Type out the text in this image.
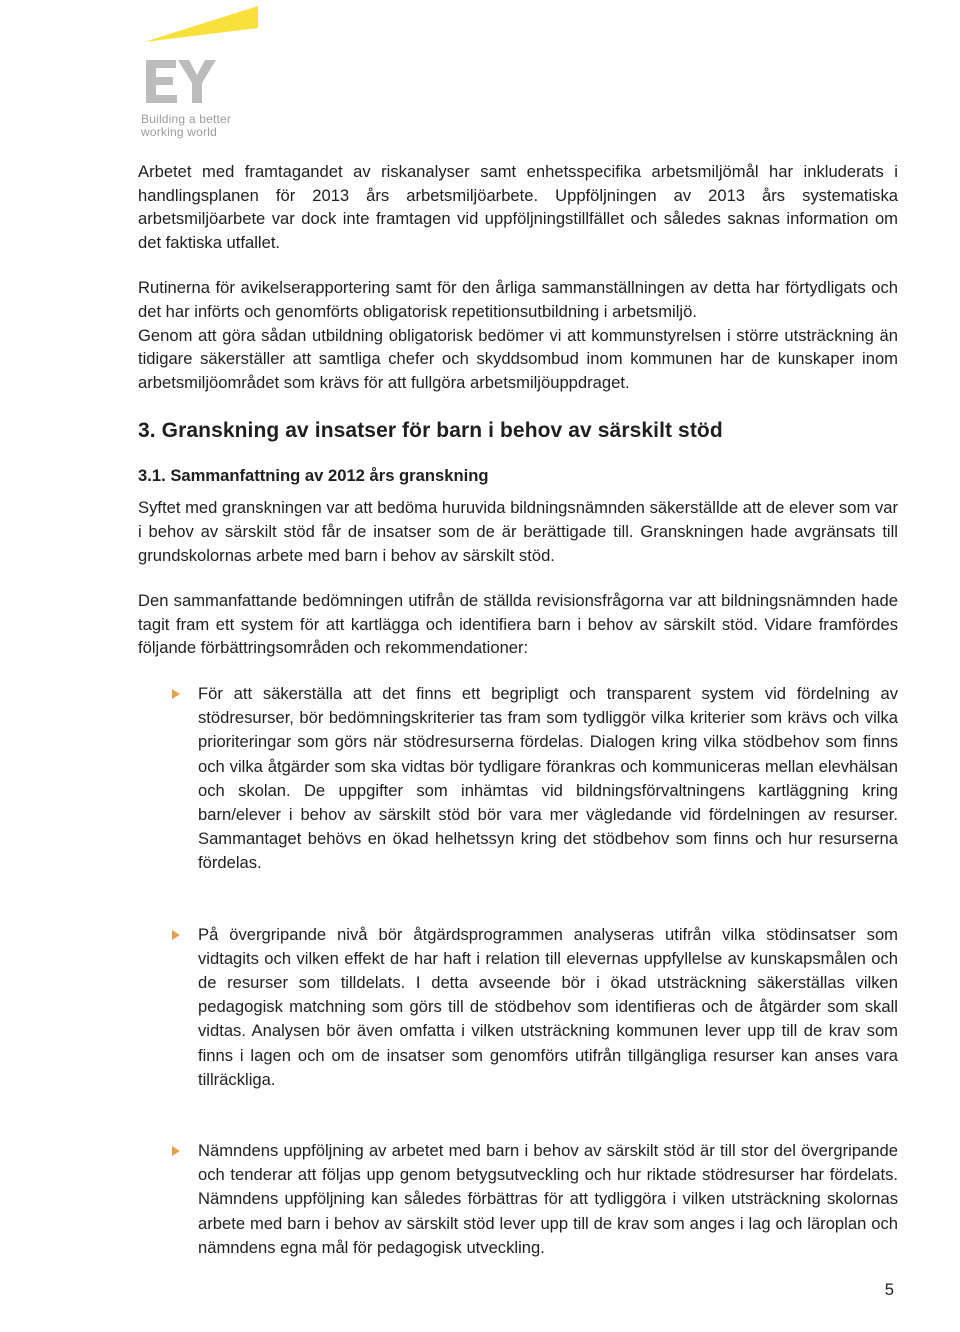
Building a better
working world

Arbetet med framtagandet av riskanalyser samt enhetsspecifika arbetsmiljömål har inkluderats i handlingsplanen för 2013 års arbetsmiljöarbete. Uppföljningen av 2013 års systematiska arbetsmiljöarbete var dock inte framtagen vid uppföljningstillfället och således saknas information om det faktiska utfallet.

Rutinerna för avikelserapportering samt för den årliga sammanställningen av detta har förtydligats och det har införts och genomförts obligatorisk repetitionsutbildning i arbetsmiljö.

Genom att göra sådan utbildning obligatorisk bedömer vi att kommunstyrelsen i större utsträckning än tidigare säkerställer att samtliga chefer och skyddsombud inom kommunen har de kunskaper inom arbetsmiljöområdet som krävs för att fullgöra arbetsmiljöuppdraget.

3. Granskning av insatser för barn i behov av särskilt stöd
3.1. Sammanfattning av 2012 års granskning

Syftet med granskningen var att bedöma huruvida bildningsnämnden säkerställde att de elever som var i behov av särskilt stöd får de insatser som de är berättigade till. Granskningen hade avgränsats till grundskolornas arbete med barn i behov av särskilt stöd.

Den sammanfattande bedömningen utifrån de ställda revisionsfrågorna var att bildningsnämnden hade tagit fram ett system för att kartlägga och identifiera barn i behov av särskilt stöd. Vidare framfördes följande förbättringsområden och rekommendationer:

För att säkerställa att det finns ett begripligt och transparent system vid fördelning av stödresurser, bör bedömningskriterier tas fram som tydliggör vilka kriterier som krävs och vilka prioriteringar som görs när stödresurserna fördelas. Dialogen kring vilka stödbehov som finns och vilka åtgärder som ska vidtas bör tydligare förankras och kommuniceras mellan elevhälsan och skolan. De uppgifter som inhämtas vid bildningsförvaltningens kartläggning kring barn/elever i behov av särskilt stöd bör vara mer vägledande vid fördelningen av resurser. Sammantaget behövs en ökad helhetssyn kring det stödbehov som finns och hur resurserna fördelas.
På övergripande nivå bör åtgärdsprogrammen analyseras utifrån vilka stödinsatser som vidtagits och vilken effekt de har haft i relation till elevernas uppfyllelse av kunskapsmålen och de resurser som tilldelats. I detta avseende bör i ökad utsträckning säkerställas vilken pedagogisk matchning som görs till de stödbehov som identifieras och de åtgärder som skall vidtas. Analysen bör även omfatta i vilken utsträckning kommunen lever upp till de krav som finns i lagen och om de insatser som genomförs utifrån tillgängliga resurser kan anses vara tillräckliga.
Nämndens uppföljning av arbetet med barn i behov av särskilt stöd är till stor del övergripande och tenderar att följas upp genom betygsutveckling och hur riktade stödresurser har fördelats. Nämndens uppföljning kan således förbättras för att tydliggöra i vilken utsträckning skolornas arbete med barn i behov av särskilt stöd lever upp till de krav som anges i lag och läroplan och nämndens egna mål för pedagogisk utveckling.
5
